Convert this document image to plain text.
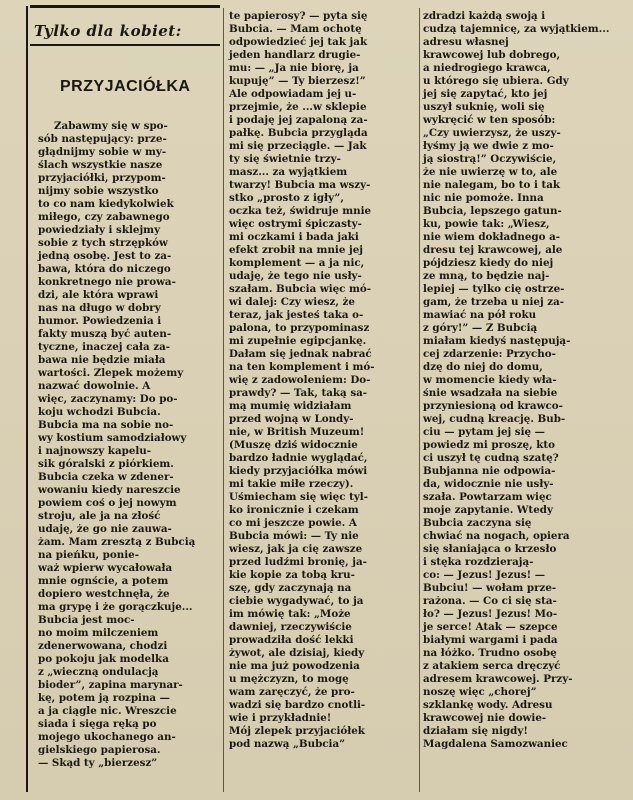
Tylko dla kobiet:
PRZYJACIÓŁKA

Zabawmy się w spo-
sób następujący: prze-
głądnijmy sobie w my-
ślach wszystkie nasze
przyjaciółki, przypom-
nijmy sobie wszystko
to co nam kiedykolwiek
miłego, czy zabawnego
powiedziały i sklejmy
sobie z tych strzępków
jedną osobę. Jest to za-
bawa, która do niczego
konkretnego nie prowa-
dzi, ale która wprawi
nas na długo w dobry
humor. Powiedzenia i
fakty muszą być auten-
tyczne, inaczej cała za-
bawa nie będzie miała
wartości. Zlepek możemy
nazwać dowolnie. A
więc, zaczynamy: Do po-
koju wchodzi Bubcia.
Bubcia ma na sobie no-
wy kostium samodziałowy
i najnowszy kapelu-
sik góralski z piórkiem.
Bubcia czeka w zdener-
wowaniu kiedy nareszcie
powiem coś o jej nowym
stroju, ale ja na złość
udaję, że go nie zauwa-
żam. Mam zresztą z Bubcią
na pieńku, ponie-
waż wpierw wycałowała
mnie ognście, a potem
dopiero westchnęła, że
ma grypę i że gorączkuje...
Bubcia jest moc-
no moim milczeniem
zdenerwowana, chodzi
po pokoju jak modelka
z „wieczną ondulacją
bioder”, zapina marynar-
kę, potem ją rozpina —
a ja ciągle nic. Wreszcie
siada i sięga ręką po
mojego ukochanego an-
gielskiego papierosa.
— Skąd ty „bierzesz”

te papierosy? — pyta się
Bubcia. — Mam ochotę
odpowiedzieć jej tak jak
jeden handlarz drugie-
mu: — „Ja nie biorę, ja
kupuję” — Ty bierzesz!”
Ale odpowiadam jej u-
przejmie, że ...w sklepie
i podaję jej zapaloną za-
pałkę. Bubcia przygląda
mi się przeciągle. — Jak
ty się świetnie trzy-
masz... za wyjątkiem
twarzy! Bubcia ma wszy-
stko „prosto z igły”,
oczka też, świdruje mnie
więc ostrymi śpiczasty-
mi oczkami i bada jaki
efekt zrobił na mnie jej
komplement — a ja nic,
udaję, że tego nie usły-
szałam. Bubcia więc mó-
wi dalej: Czy wiesz, że
teraz, jak jesteś taka o-
palona, to przypominasz
mi zupełnie egipcjankę.
Dałam się jednak nabrać
na ten komplement i mó-
wię z zadowoleniem: Do-
prawdy? — Tak, taką sa-
mą mumię widziałam
przed wojną w Londy-
nie, w British Muzeum!
(Muszę dziś widocznie
bardzo ładnie wyglądać,
kiedy przyjaciółka mówi
mi takie miłe rzeczy).
Uśmiecham się więc tyl-
ko ironicznie i czekam
co mi jeszcze powie. A
Bubcia mówi: — Ty nie
wiesz, jak ja cię zawsze
przed ludźmi bronię, ja-
kie kopie za tobą kru-
szę, gdy zaczynają na
ciebie wygadywać, to ja
im mówię tak: „Może
dawniej, rzeczywiście
prowadziła dość lekki
żywot, ale dzisiaj, kiedy
nie ma już powodzenia
u mężczyzn, to mogę
wam zaręczyć, że pro-
wadzi się bardzo cnotli-
wie i przykładnie!
Mój zlepek przyjaciółek
pod nazwą „Bubcia”

zdradzi każdą swoją i
cudzą tajemnicę, za wyjątkiem...
adresu własnej
krawcowej lub dobrego,
a niedrogiego krawca,
u którego się ubiera. Gdy
jej się zapytać, kto jej
uszył suknię, woli się
wykręcić w ten sposób:
„Czy uwierzysz, że uszy-
łyśmy ją we dwie z mo-
ją siostrą!” Oczywiście,
że nie uwierzę w to, ale
nie nalegam, bo to i tak
nic nie pomoże. Inna
Bubcia, lepszego gatun-
ku, powie tak: „Wiesz,
nie wiem dokładnego a-
dresu tej krawcowej, ale
pójdziesz kiedy do niej
ze mną, to będzie naj-
lepiej — tylko cię ostrze-
gam, że trzeba u niej za-
mawiać na pół roku
z góry!” — Z Bubcią
miałam kiedyś następują-
cej zdarzenie: Przycho-
dzę do niej do domu,
w momencie kiedy wła-
śnie wsadzała na siebie
przyniesioną od krawco-
wej, cudną kreację. Bub-
ciu — pytam jej się —
powiedz mi proszę, kto
ci uszył tę cudną szatę?
Bubjanna nie odpowia-
da, widocznie nie usły-
szała. Powtarzam więc
moje zapytanie. Wtedy
Bubcia zaczyna się
chwiać na nogach, opiera
się słaniająca o krzesło
i stęka rozdzierają-
co: — Jezus! Jezus! —
Bubciu! — wołam prze-
rażona. — Co ci się sta-
ło? — Jezus! Jezus! Mo-
je serce! Atak — szepce
białymi wargami i pada
na łóżko. Trudno osobę
z atakiem serca dręczyć
adresem krawcowej. Przy-
noszę więc „chorej”
szklankę wody. Adresu
krawcowej nie dowie-
działam się nigdy!

Magdalena Samozwaniec
